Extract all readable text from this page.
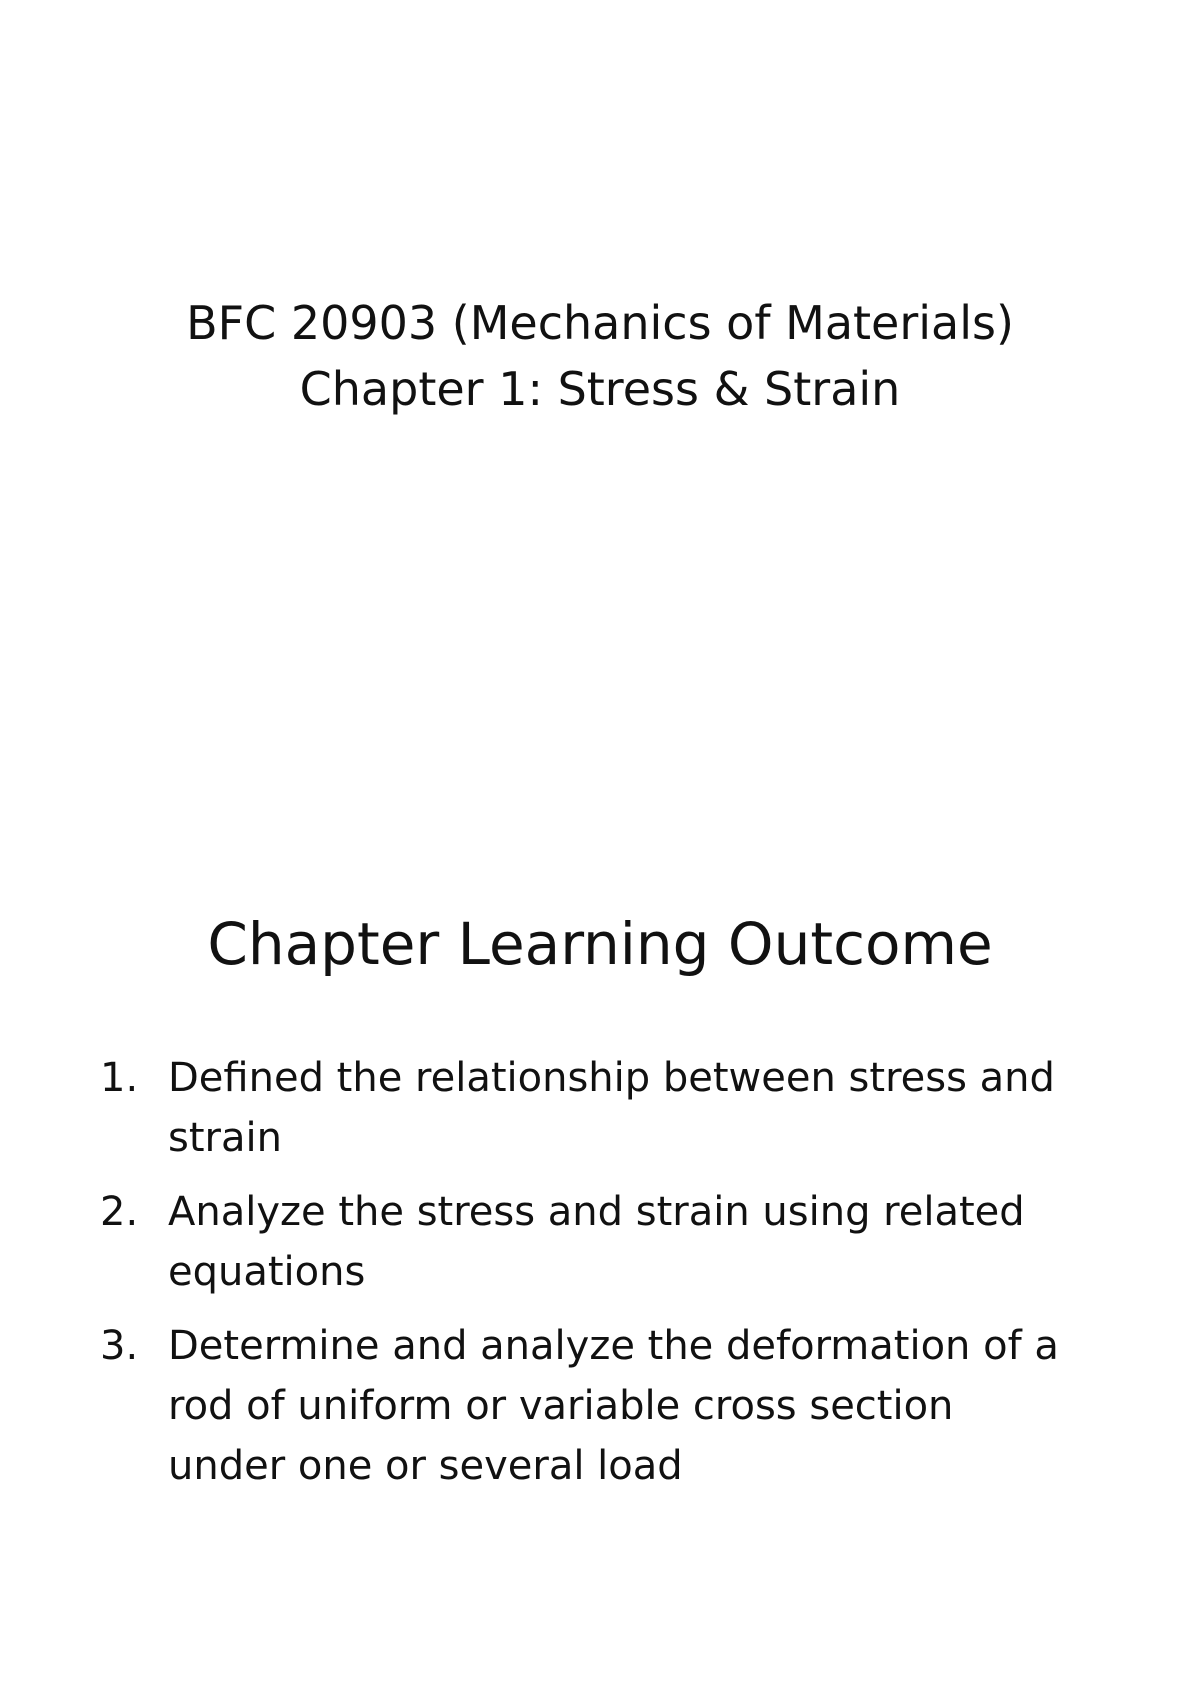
BFC 20903 (Mechanics of Materials)
Chapter 1: Stress & Strain
Chapter Learning Outcome
1. Defined the relationship between stress and
strain
2. Analyze the stress and strain using related
equations
3. Determine and analyze the deformation of a
rod of uniform or variable cross section
under one or several load
